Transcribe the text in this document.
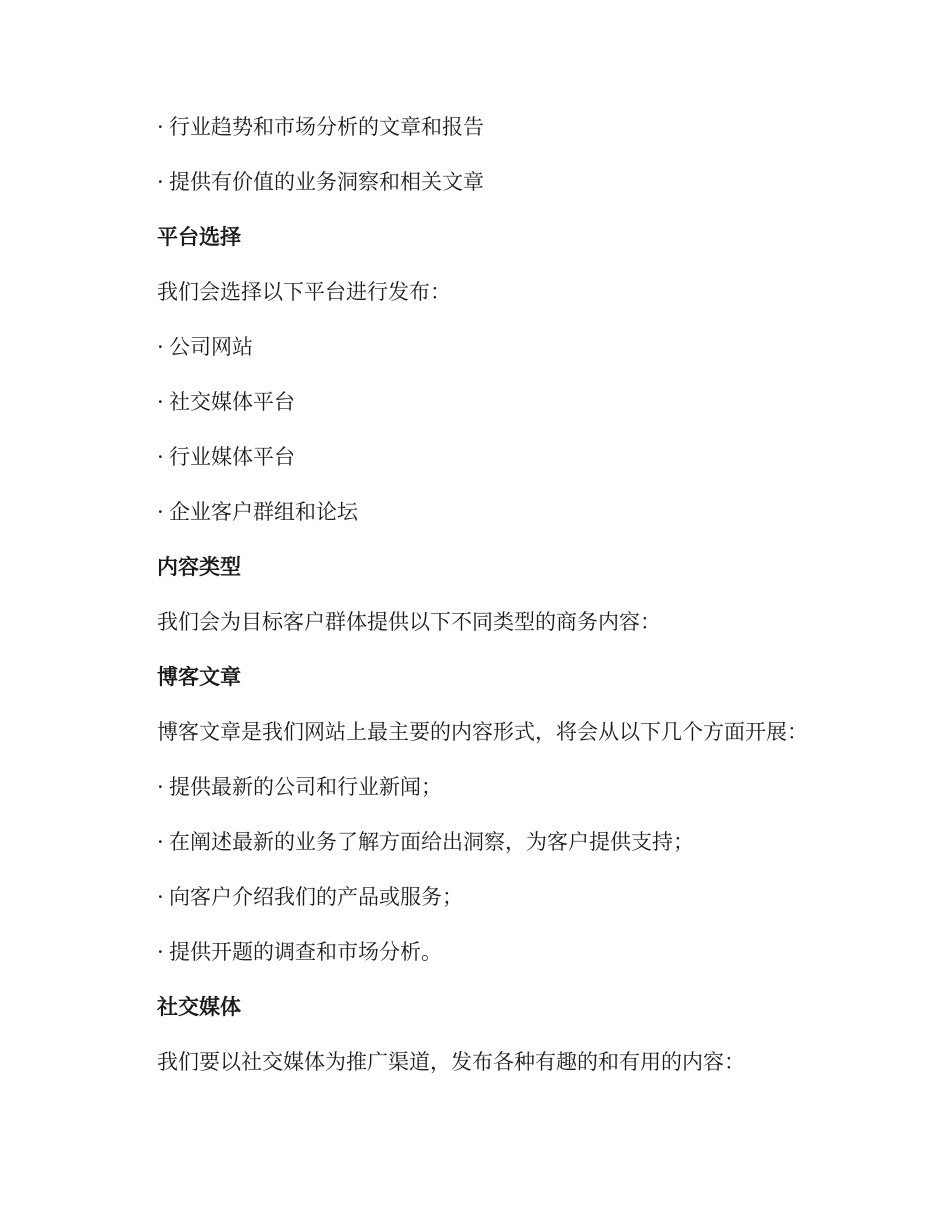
· 行业趋势和市场分析的文章和报告
· 提供有价值的业务洞察和相关文章
平台选择
我们会选择以下平台进行发布：
· 公司网站
· 社交媒体平台
· 行业媒体平台
· 企业客户群组和论坛
内容类型
我们会为目标客户群体提供以下不同类型的商务内容：
博客文章
博客文章是我们网站上最主要的内容形式，将会从以下几个方面开展：
· 提供最新的公司和行业新闻；
· 在阐述最新的业务了解方面给出洞察，为客户提供支持；
· 向客户介绍我们的产品或服务；
· 提供开题的调查和市场分析。
社交媒体
我们要以社交媒体为推广渠道，发布各种有趣的和有用的内容：
